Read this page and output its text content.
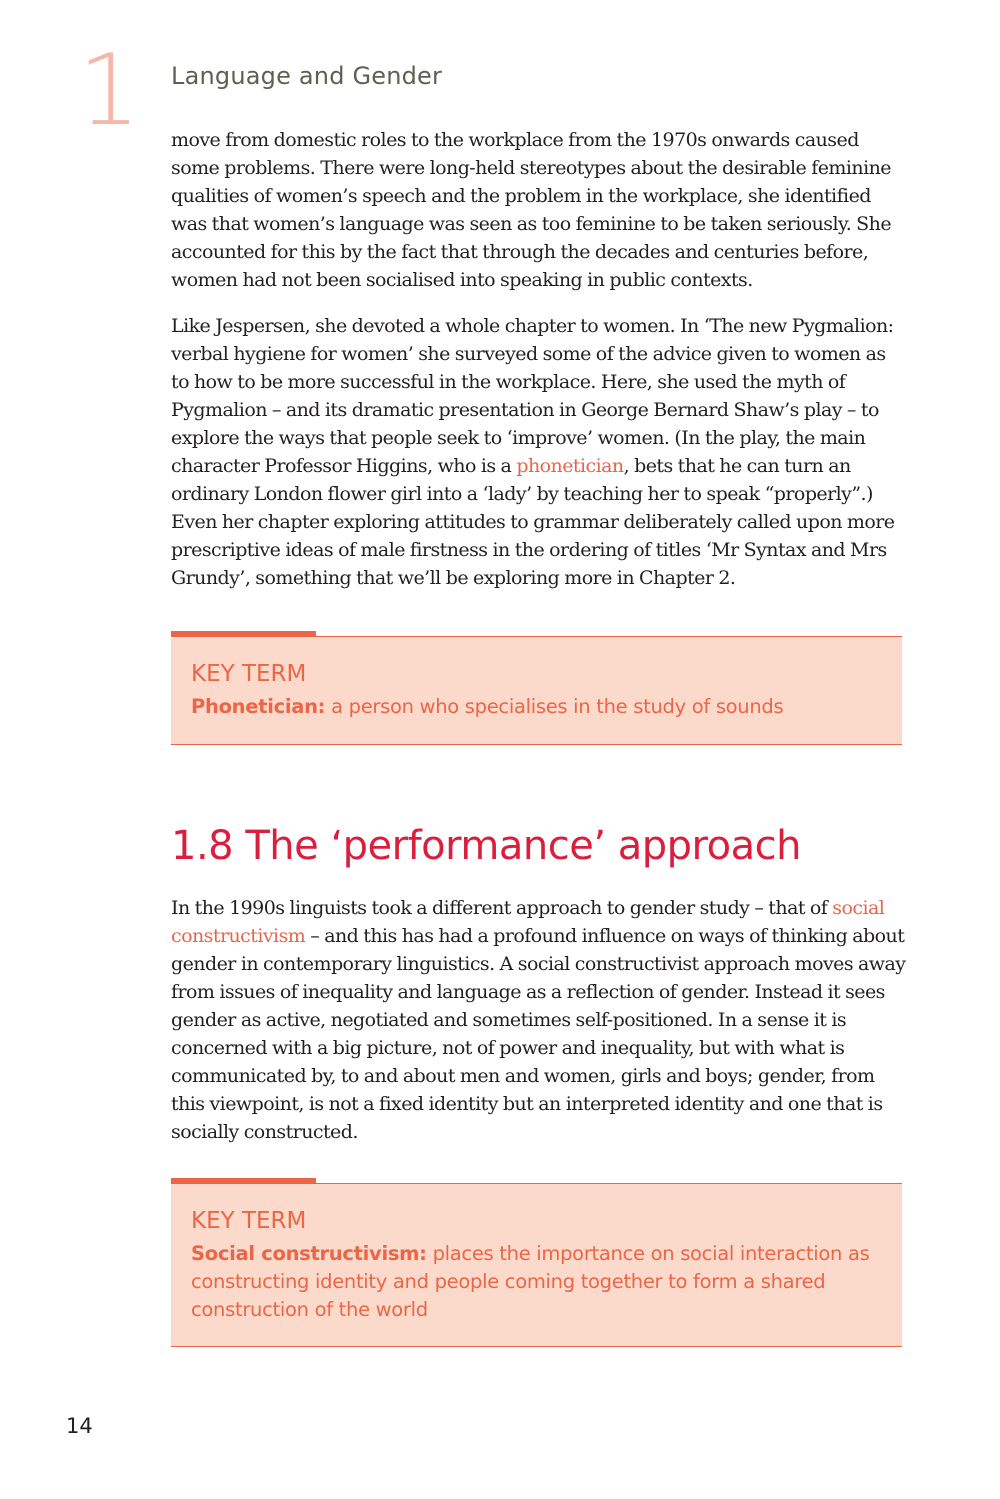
1 Language and Gender

move from domestic roles to the workplace from the 1970s onwards caused some problems. There were long-held stereotypes about the desirable feminine qualities of women’s speech and the problem in the workplace, she identified was that women’s language was seen as too feminine to be taken seriously. She accounted for this by the fact that through the decades and centuries before, women had not been socialised into speaking in public contexts.

Like Jespersen, she devoted a whole chapter to women. In ‘The new Pygmalion: verbal hygiene for women’ she surveyed some of the advice given to women as to how to be more successful in the workplace. Here, she used the myth of Pygmalion – and its dramatic presentation in George Bernard Shaw’s play – to explore the ways that people seek to ‘improve’ women. (In the play, the main character Professor Higgins, who is a phonetician, bets that he can turn an ordinary London flower girl into a ‘lady’ by teaching her to speak “properly”.) Even her chapter exploring attitudes to grammar deliberately called upon more prescriptive ideas of male firstness in the ordering of titles ‘Mr Syntax and Mrs Grundy’, something that we’ll be exploring more in Chapter 2.

KEY TERM
Phonetician: a person who specialises in the study of sounds
1.8 The ‘performance’ approach

In the 1990s linguists took a different approach to gender study – that of social constructivism – and this has had a profound influence on ways of thinking about gender in contemporary linguistics. A social constructivist approach moves away from issues of inequality and language as a reflection of gender. Instead it sees gender as active, negotiated and sometimes self-positioned. In a sense it is concerned with a big picture, not of power and inequality, but with what is communicated by, to and about men and women, girls and boys; gender, from this viewpoint, is not a fixed identity but an interpreted identity and one that is socially constructed.

KEY TERM
Social constructivism: places the importance on social interaction as constructing identity and people coming together to form a shared construction of the world
14
